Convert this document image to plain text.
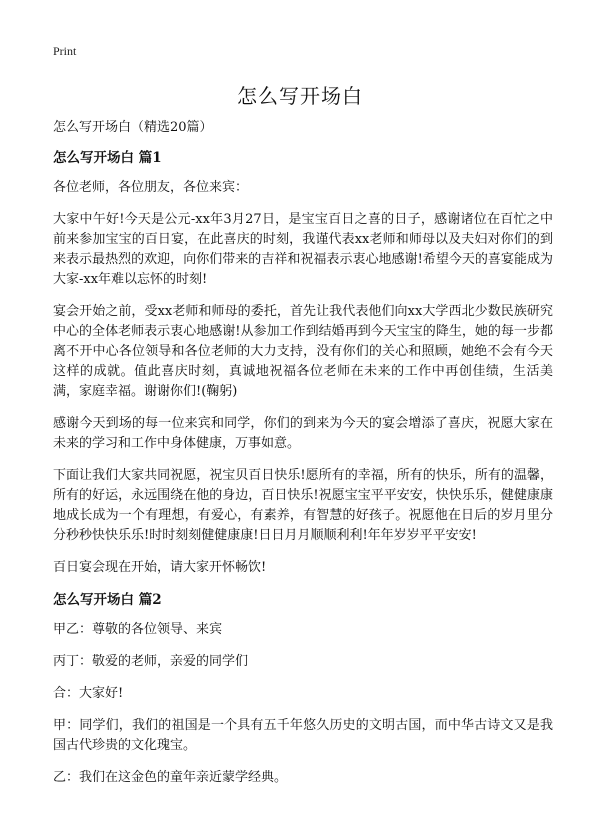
Print
怎么写开场白

怎么写开场白（精选20篇）

怎么写开场白 篇1

各位老师，各位朋友，各位来宾：

大家中午好!今天是公元-xx年3月27日，是宝宝百日之喜的日子，感谢诸位在百忙之中前来参加宝宝的百日宴，在此喜庆的时刻，我谨代表xx老师和师母以及夫妇对你们的到来表示最热烈的欢迎，向你们带来的吉祥和祝福表示衷心地感谢!希望今天的喜宴能成为大家-xx年难以忘怀的时刻!

宴会开始之前，受xx老师和师母的委托，首先让我代表他们向xx大学西北少数民族研究中心的全体老师表示衷心地感谢!从参加工作到结婚再到今天宝宝的降生，她的每一步都离不开中心各位领导和各位老师的大力支持，没有你们的关心和照顾，她绝不会有今天这样的成就。值此喜庆时刻，真诚地祝福各位老师在未来的工作中再创佳绩，生活美满，家庭幸福。谢谢你们!(鞠躬)

感谢今天到场的每一位来宾和同学，你们的到来为今天的宴会增添了喜庆，祝愿大家在未来的学习和工作中身体健康，万事如意。

下面让我们大家共同祝愿，祝宝贝百日快乐!愿所有的幸福，所有的快乐，所有的温馨，所有的好运，永远围绕在他的身边，百日快乐!祝愿宝宝平平安安，快快乐乐，健健康康地成长成为一个有理想，有爱心，有素养，有智慧的好孩子。祝愿他在日后的岁月里分分秒秒快快乐乐!时时刻刻健健康康!日日月月顺顺利利!年年岁岁平平安安!

百日宴会现在开始，请大家开怀畅饮!

怎么写开场白 篇2

甲乙：尊敬的各位领导、来宾

丙丁：敬爱的老师，亲爱的同学们

合：大家好!

甲：同学们，我们的祖国是一个具有五千年悠久历史的文明古国，而中华古诗文又是我国古代珍贵的文化瑰宝。

乙：我们在这金色的童年亲近蒙学经典。
